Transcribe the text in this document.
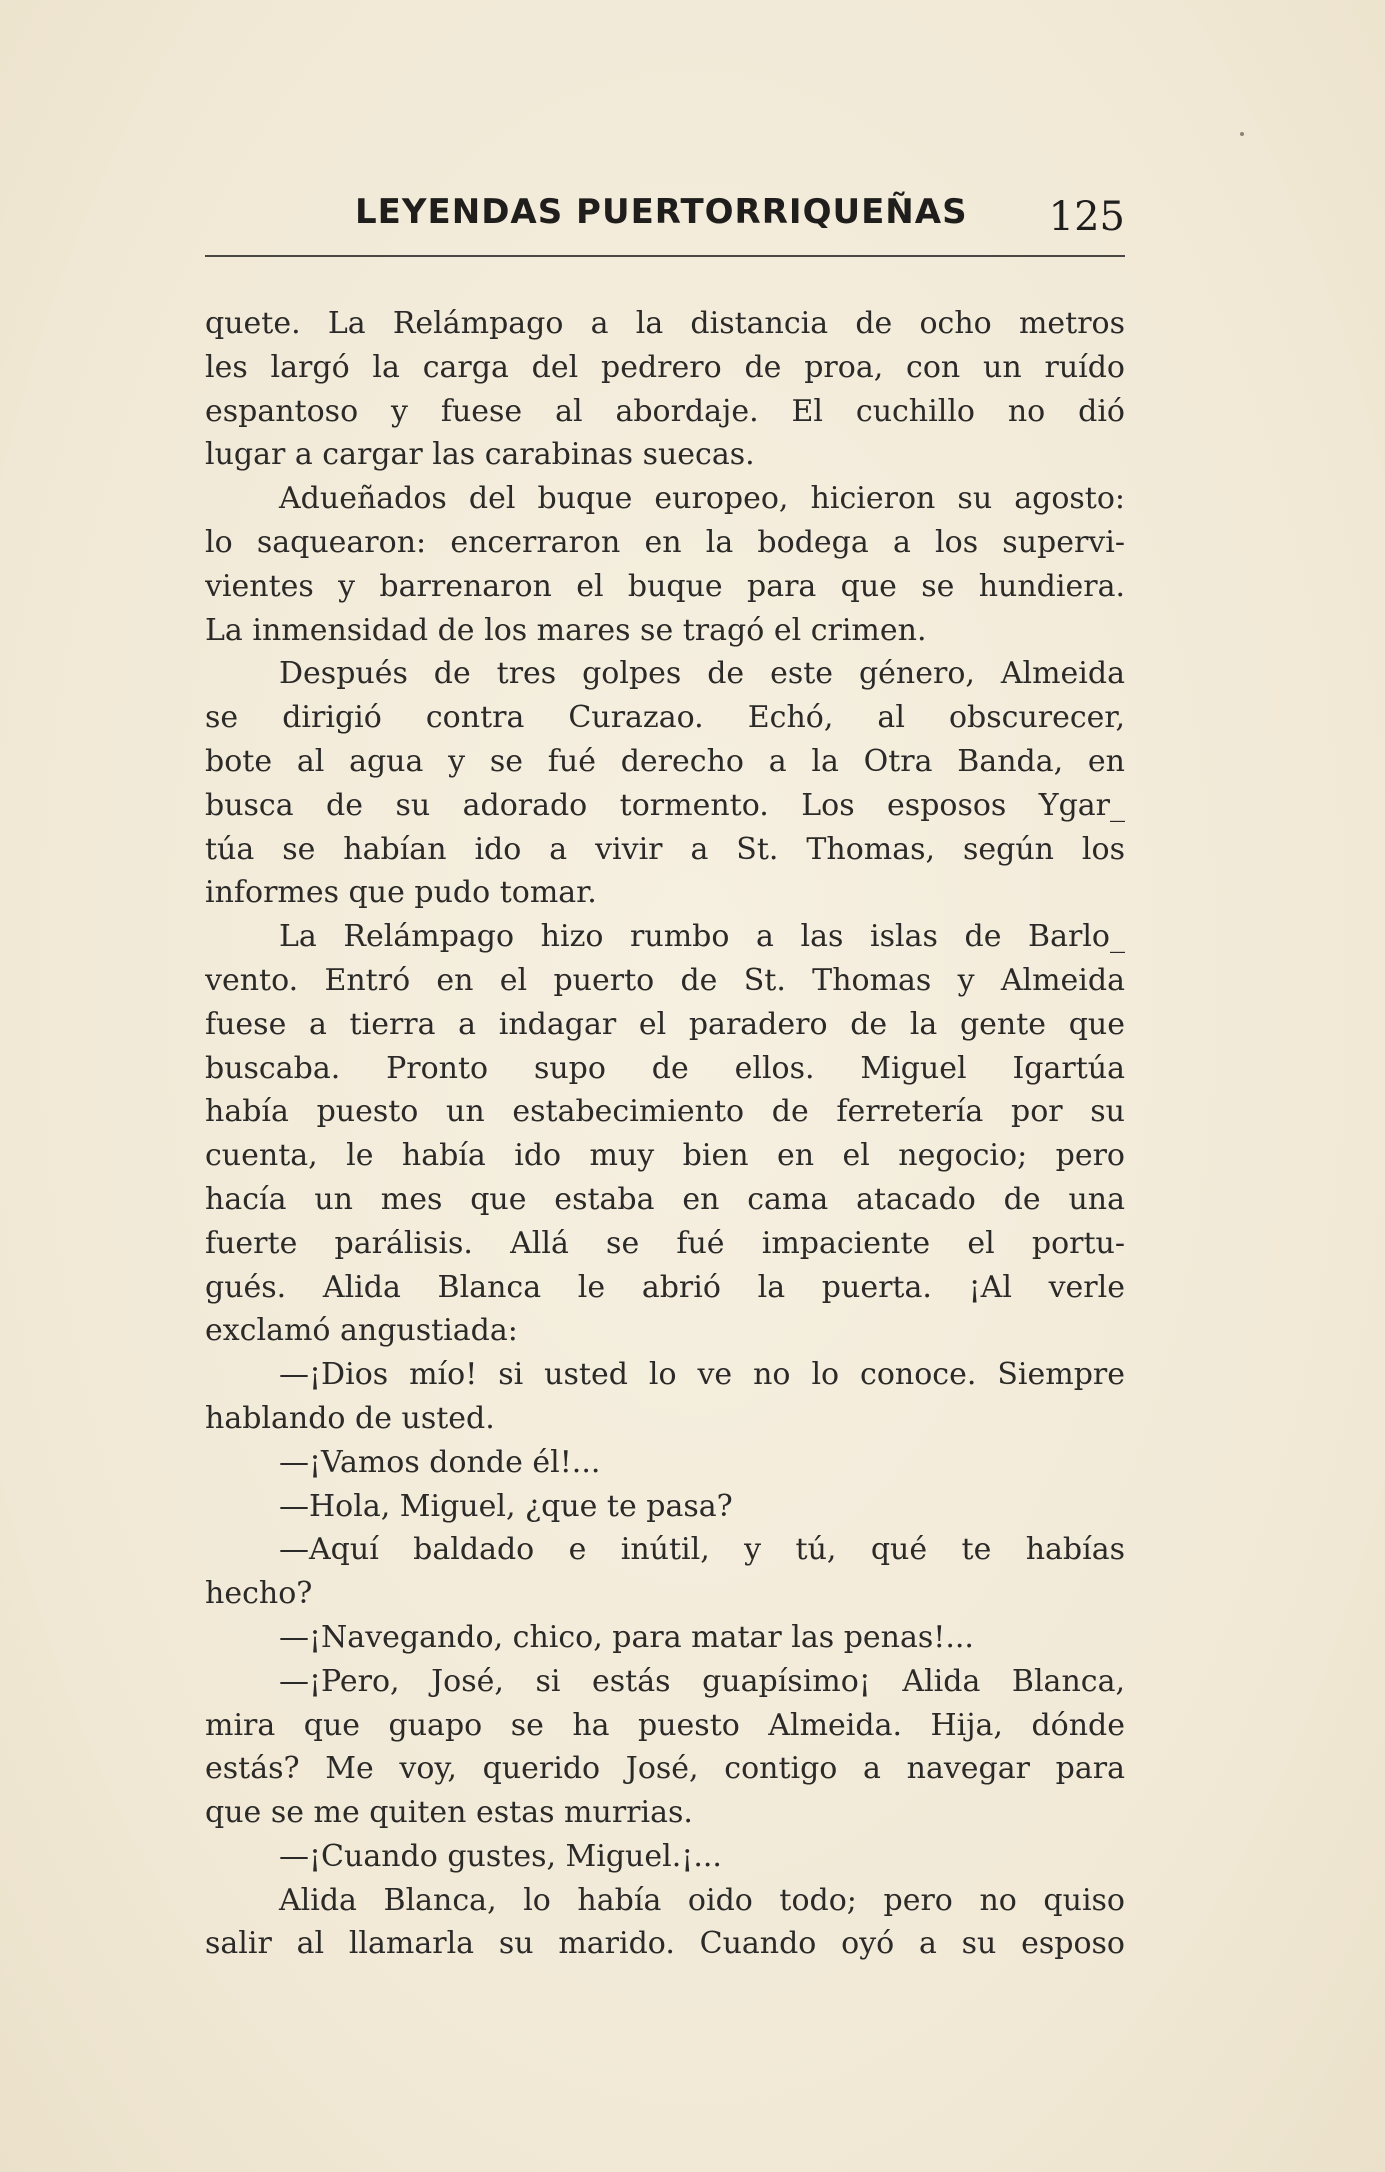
LEYENDAS PUERTORRIQUEÑAS 125
quete. La Relámpago a la distancia de ocho metros
les largó la carga del pedrero de proa, con un ruído
espantoso y fuese al abordaje. El cuchillo no dió
lugar a cargar las carabinas suecas.
Adueñados del buque europeo, hicieron su agosto:
lo saquearon: encerraron en la bodega a los supervi-
vientes y barrenaron el buque para que se hundiera.
La inmensidad de los mares se tragó el crimen.
Después de tres golpes de este género, Almeida
se dirigió contra Curazao. Echó, al obscurecer,
bote al agua y se fué derecho a la Otra Banda, en
busca de su adorado tormento. Los esposos Ygar_
túa se habían ido a vivir a St. Thomas, según los
informes que pudo tomar.
La Relámpago hizo rumbo a las islas de Barlo_
vento. Entró en el puerto de St. Thomas y Almeida
fuese a tierra a indagar el paradero de la gente que
buscaba. Pronto supo de ellos. Miguel Igartúa
había puesto un estabecimiento de ferretería por su
cuenta, le había ido muy bien en el negocio; pero
hacía un mes que estaba en cama atacado de una
fuerte parálisis. Allá se fué impaciente el portu-
gués. Alida Blanca le abrió la puerta. ¡Al verle
exclamó angustiada:
—¡Dios mío! si usted lo ve no lo conoce. Siempre
hablando de usted.
—¡Vamos donde él!...
—Hola, Miguel, ¿que te pasa?
—Aquí baldado e inútil, y tú, qué te habías
hecho?
—¡Navegando, chico, para matar las penas!...
—¡Pero, José, si estás guapísimo¡ Alida Blanca,
mira que guapo se ha puesto Almeida. Hija, dónde
estás? Me voy, querido José, contigo a navegar para
que se me quiten estas murrias.
—¡Cuando gustes, Miguel.¡...
Alida Blanca, lo había oido todo; pero no quiso
salir al llamarla su marido. Cuando oyó a su esposo
